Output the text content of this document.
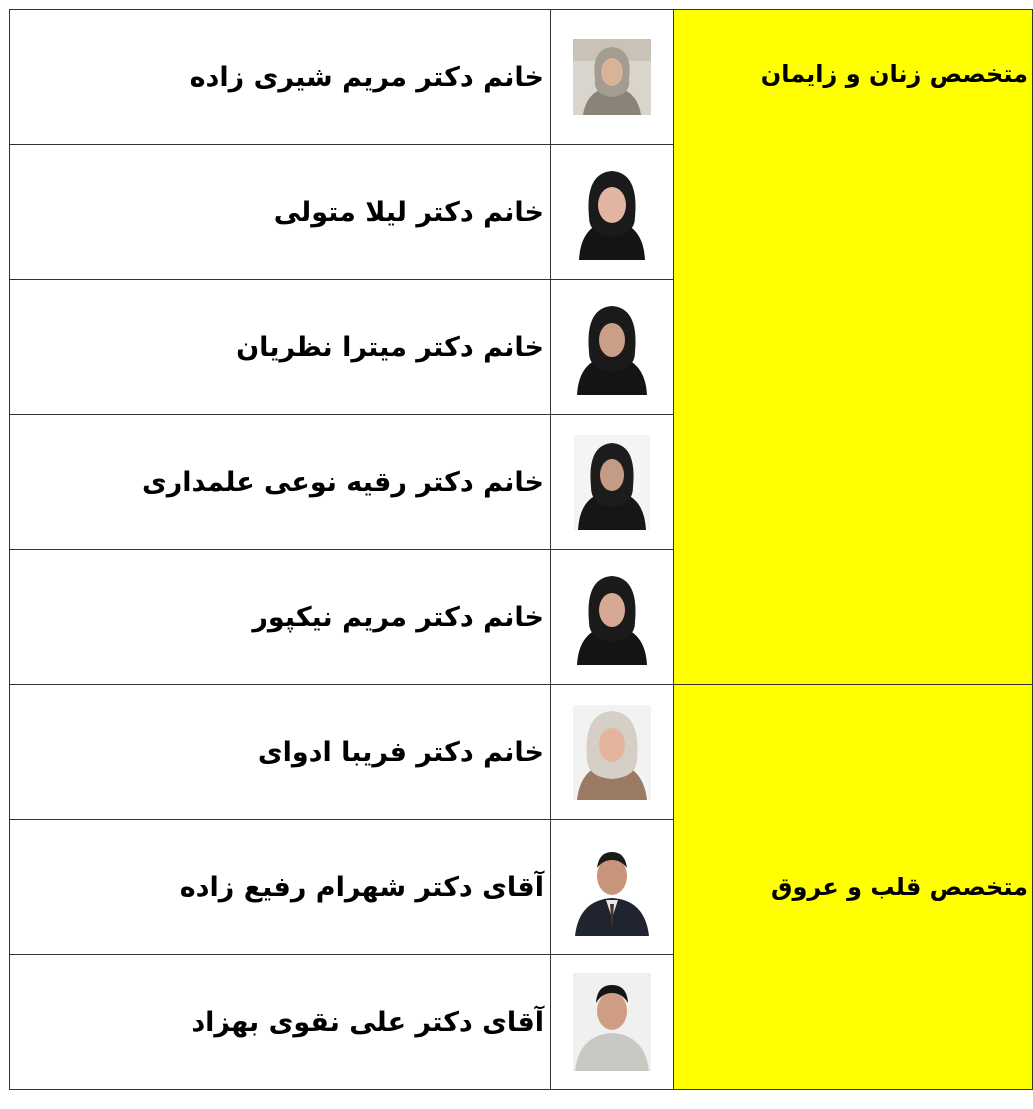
خانم دکتر مریم شیری زاده		متخصص زنان و زایمان
خانم دکتر لیلا متولی	
خانم دکتر میترا نظریان	
خانم دکتر رقیه نوعی علمداری	
خانم دکتر مریم نیکپور	
خانم دکتر فریبا ادوای		متخصص قلب و عروق
آقای دکتر شهرام رفیع زاده	
آقای دکتر علی نقوی بهزاد	
